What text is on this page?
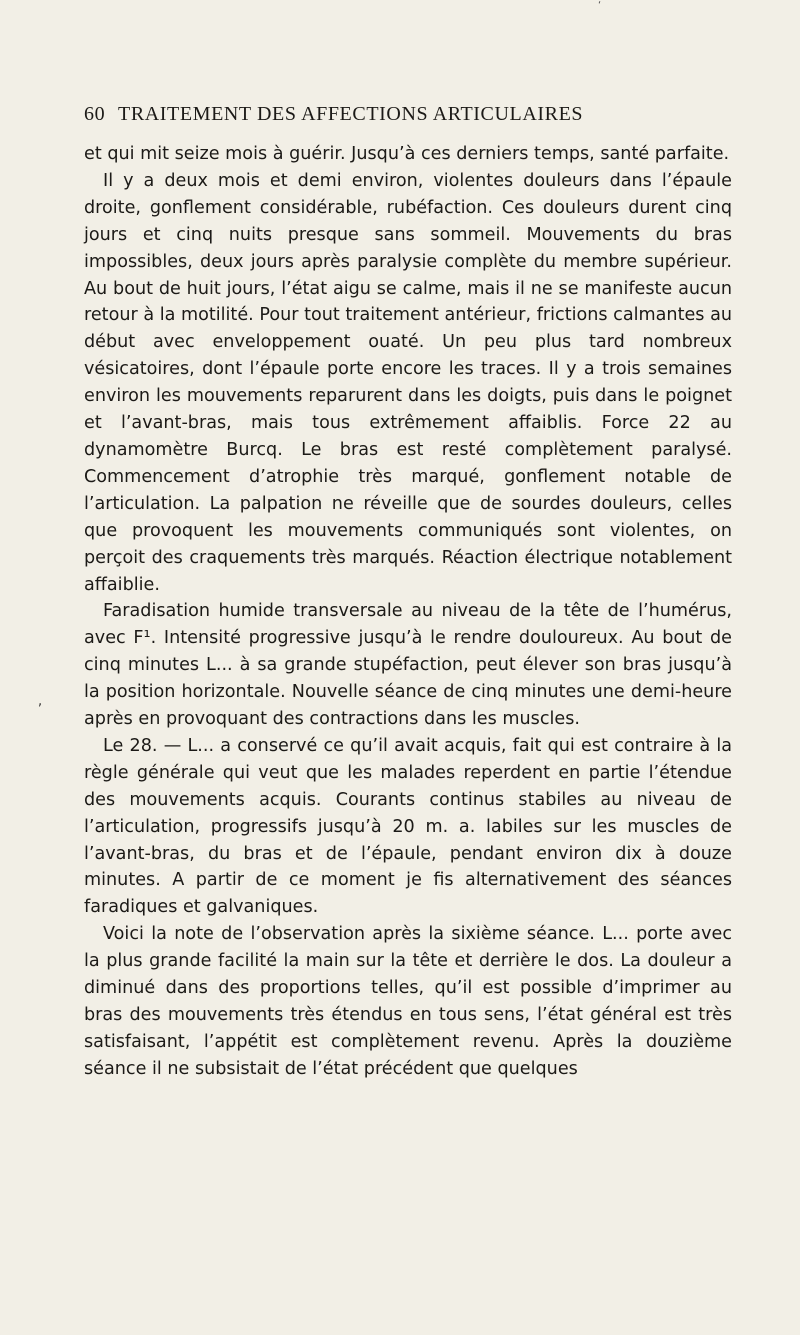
‘
60 TRAITEMENT DES AFFECTIONS ARTICULAIRES
,

et qui mit seize mois à guérir. Jusqu’à ces derniers temps, santé parfaite.

Il y a deux mois et demi environ, violentes douleurs dans l’épaule droite, gonflement considérable, rubéfaction. Ces douleurs durent cinq jours et cinq nuits presque sans sommeil. Mouvements du bras impossibles, deux jours après paralysie complète du membre supérieur. Au bout de huit jours, l’état aigu se calme, mais il ne se manifeste aucun retour à la motilité. Pour tout traitement antérieur, frictions calmantes au début avec enveloppement ouaté. Un peu plus tard nombreux vésicatoires, dont l’épaule porte encore les traces. Il y a trois semaines environ les mouvements reparurent dans les doigts, puis dans le poignet et l’avant-bras, mais tous extrêmement affaiblis. Force 22 au dynamomètre Burcq. Le bras est resté complètement paralysé. Commencement d’atrophie très marqué, gonflement notable de l’articulation. La palpation ne réveille que de sourdes douleurs, celles que provoquent les mouvements communiqués sont violentes, on perçoit des craquements très marqués. Réaction électrique notablement affaiblie.

Faradisation humide transversale au niveau de la tête de l’humérus, avec F¹. Intensité progressive jusqu’à le rendre douloureux. Au bout de cinq minutes L... à sa grande stupéfaction, peut élever son bras jusqu’à la position horizontale. Nouvelle séance de cinq minutes une demi-heure après en provoquant des contractions dans les muscles.

Le 28. — L... a conservé ce qu’il avait acquis, fait qui est contraire à la règle générale qui veut que les malades reperdent en partie l’étendue des mouvements acquis. Courants continus stabiles au niveau de l’articulation, progressifs jusqu’à 20 m. a. labiles sur les muscles de l’avant-bras, du bras et de l’épaule, pendant environ dix à douze minutes. A partir de ce moment je fis alternativement des séances faradiques et galvaniques.

Voici la note de l’observation après la sixième séance. L... porte avec la plus grande facilité la main sur la tête et derrière le dos. La douleur a diminué dans des proportions telles, qu’il est possible d’imprimer au bras des mouvements très étendus en tous sens, l’état général est très satisfaisant, l’appétit est complètement revenu. Après la douzième séance il ne subsistait de l’état précédent que quelques
